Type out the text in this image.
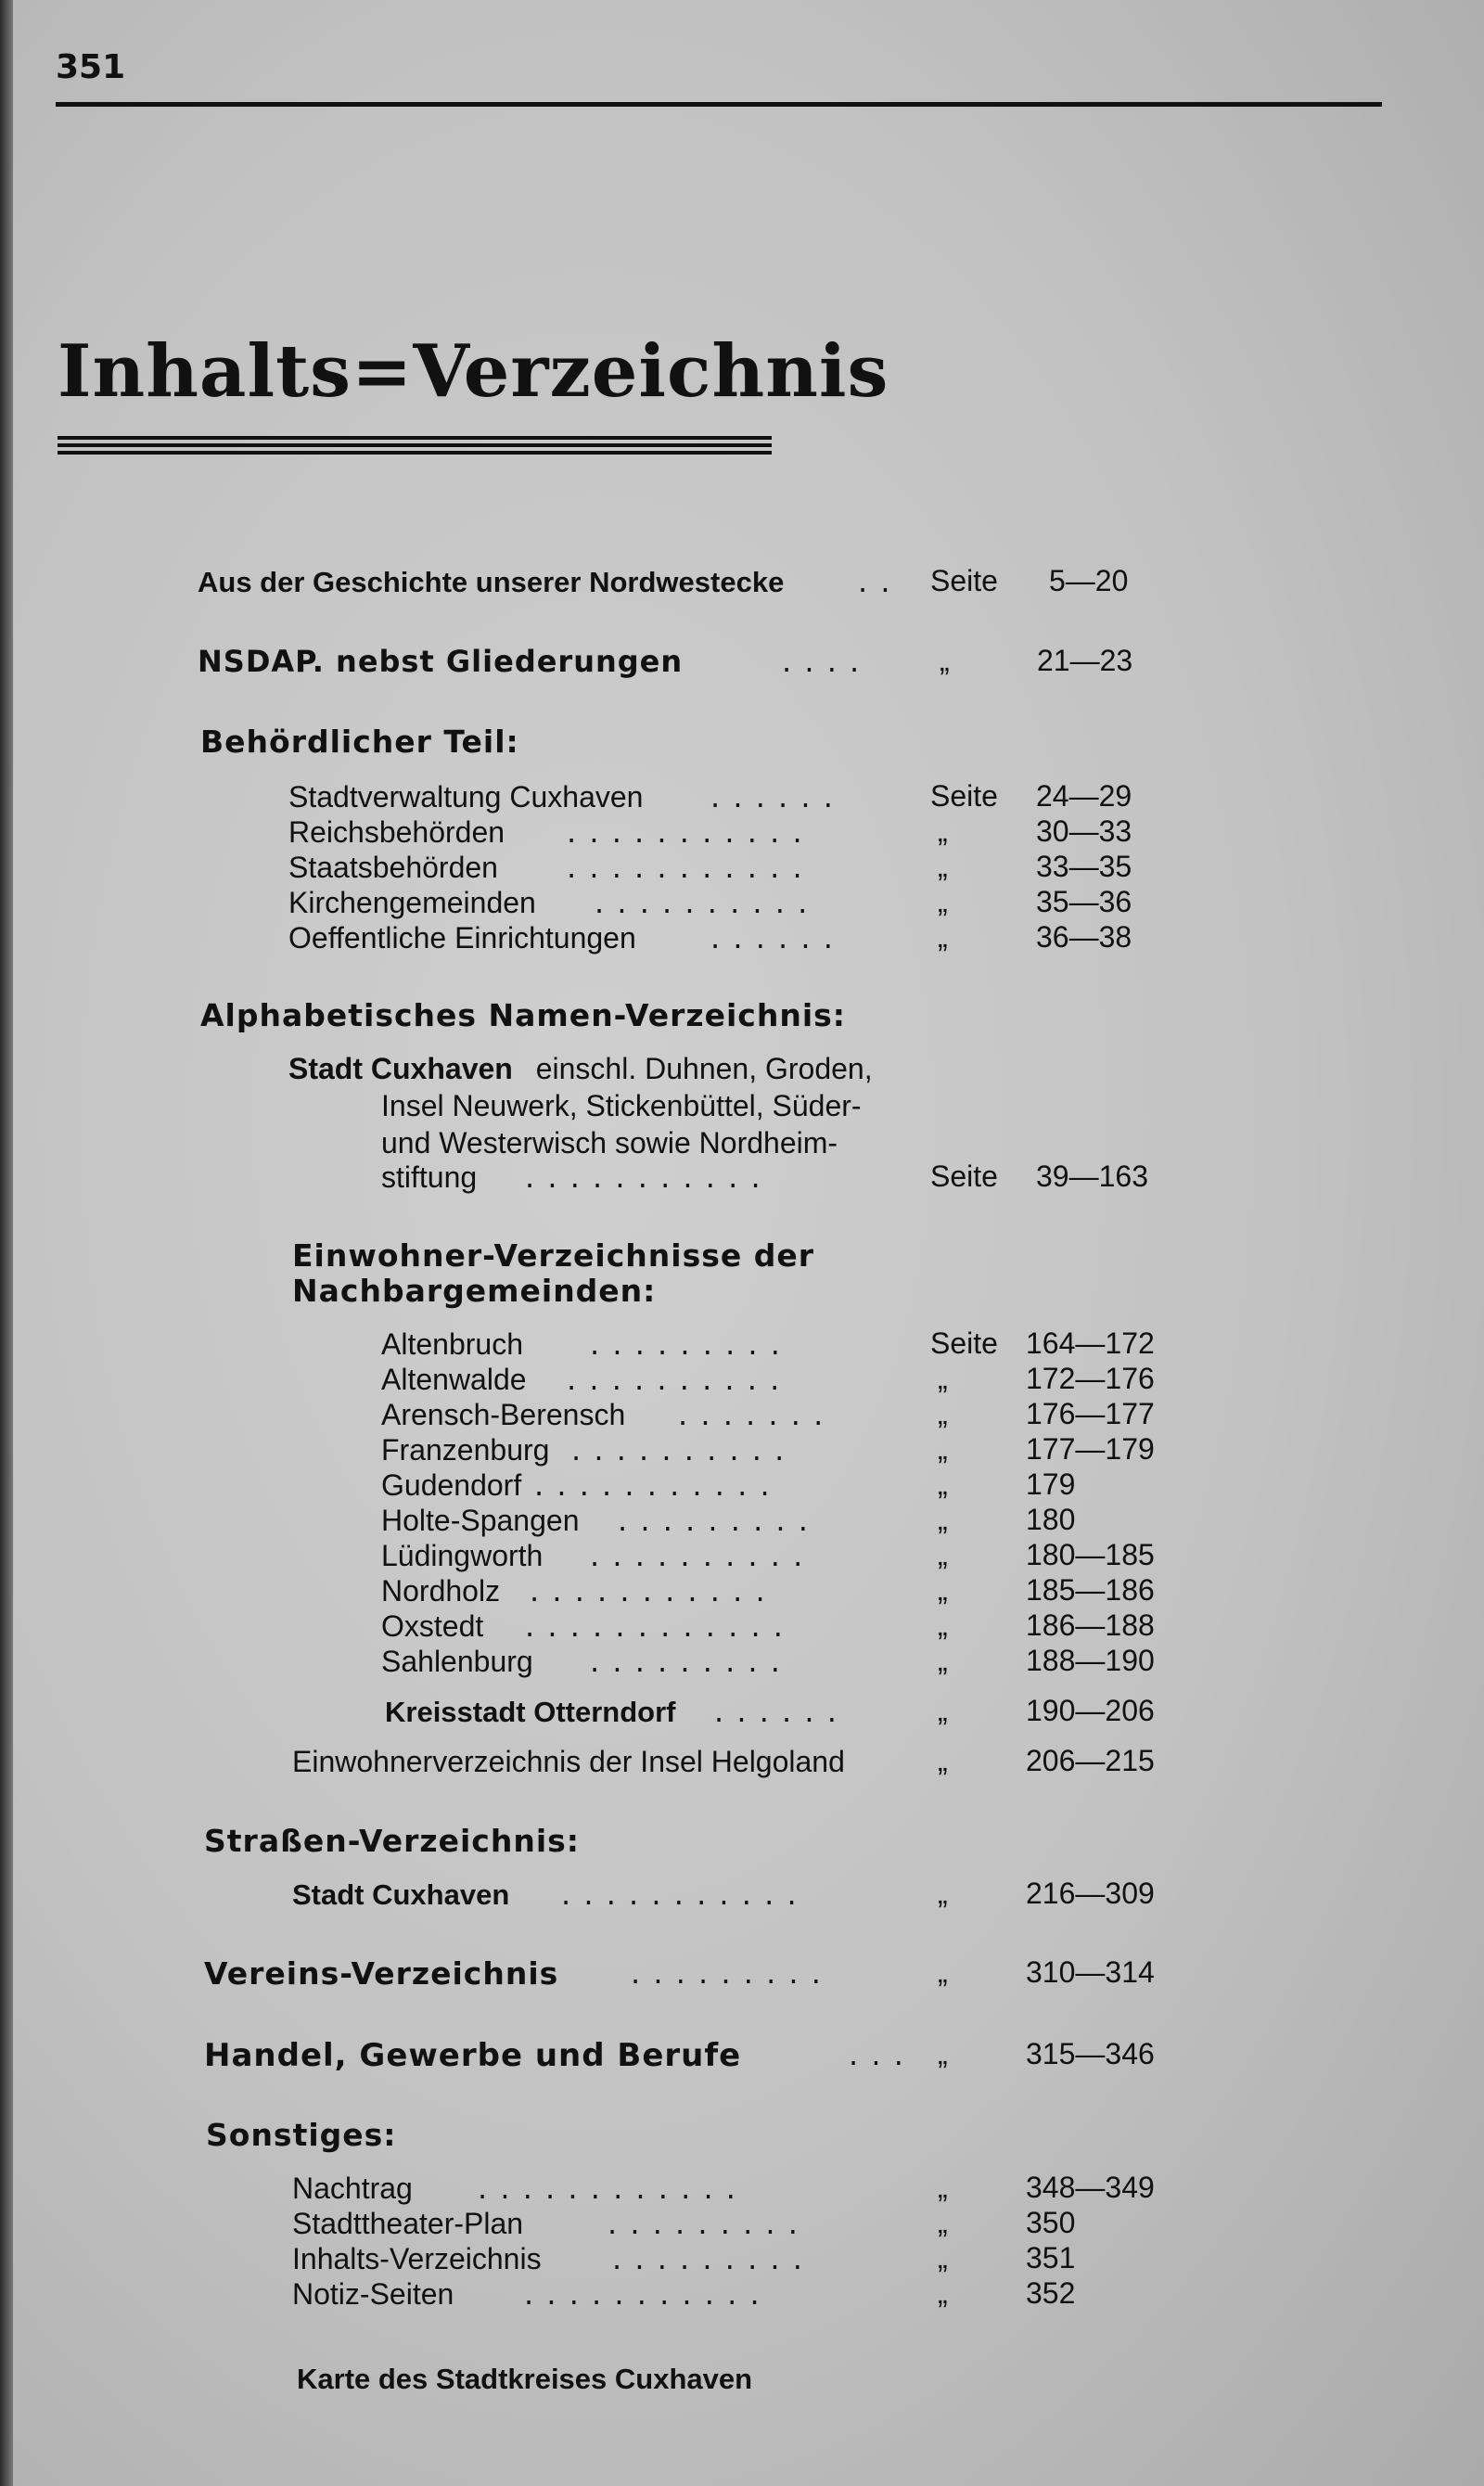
351
Inhalts=Verzeichnis
Aus der Geschichte unserer Nordwestecke . . Seite 5—20
NSDAP. nebst Gliederungen	. . . .	„	21—23
Behördlicher Teil:
Stadtverwaltung Cuxhaven . . . . . .	Seite 24—29
Reichsbehörden . . . . . . . . . . .	„	30—33
Staatsbehörden . . . . . . . . . . .	„	33—35
Kirchengemeinden . . . . . . . . . .	„	35—36
Oeffentliche Einrichtungen	. . . . . .	„	36—38
Alphabetisches Namen-Verzeichnis:
Stadt Cuxhaven einschl. Duhnen, Groden,
Insel Neuwerk, Stickenbüttel, Süder-
und Westerwisch sowie Nordheim-
stiftung . . . . . . . . . . .	Seite 39—163
Einwohner-Verzeichnisse der
Nachbargemeinden:
Altenbruch . . . . . . . . .	Seite 164—172
Altenwalde . . . . . . . . . .	„	172—176
Arensch-Berensch . . . . . . .	„	176—177
Franzenburg . . . . . . . . . .	„	177—179
Gudendorf . . . . . . . . . . .	„	179
Holte-Spangen . . . . . . . . .	„	180
Lüdingworth . . . . . . . . . .	„	180—185
Nordholz . . . . . . . . . . .	„	185—186
Oxstedt . . . . . . . . . . . .	„	186—188
Sahlenburg . . . . . . . . .	„	188—190
Kreisstadt Otterndorf . . . . . .	„	190—206
Einwohnerverzeichnis der Insel Helgoland	„	206—215
Straßen-Verzeichnis:
Stadt Cuxhaven . . . . . . . . . . .	„	216—309
Vereins-Verzeichnis . . . . . . . . .	„	310—314
Handel, Gewerbe und Berufe	. . . „	315—346
Sonstiges:
Nachtrag . . . . . . . . . . . .	„	348—349
Stadttheater-Plan	. . . . . . . . .	„	350
Inhalts-Verzeichnis . . . . . . . . .	„	351
Notiz-Seiten . . . . . . . . . . .	„	352
Karte des Stadtkreises Cuxhaven
